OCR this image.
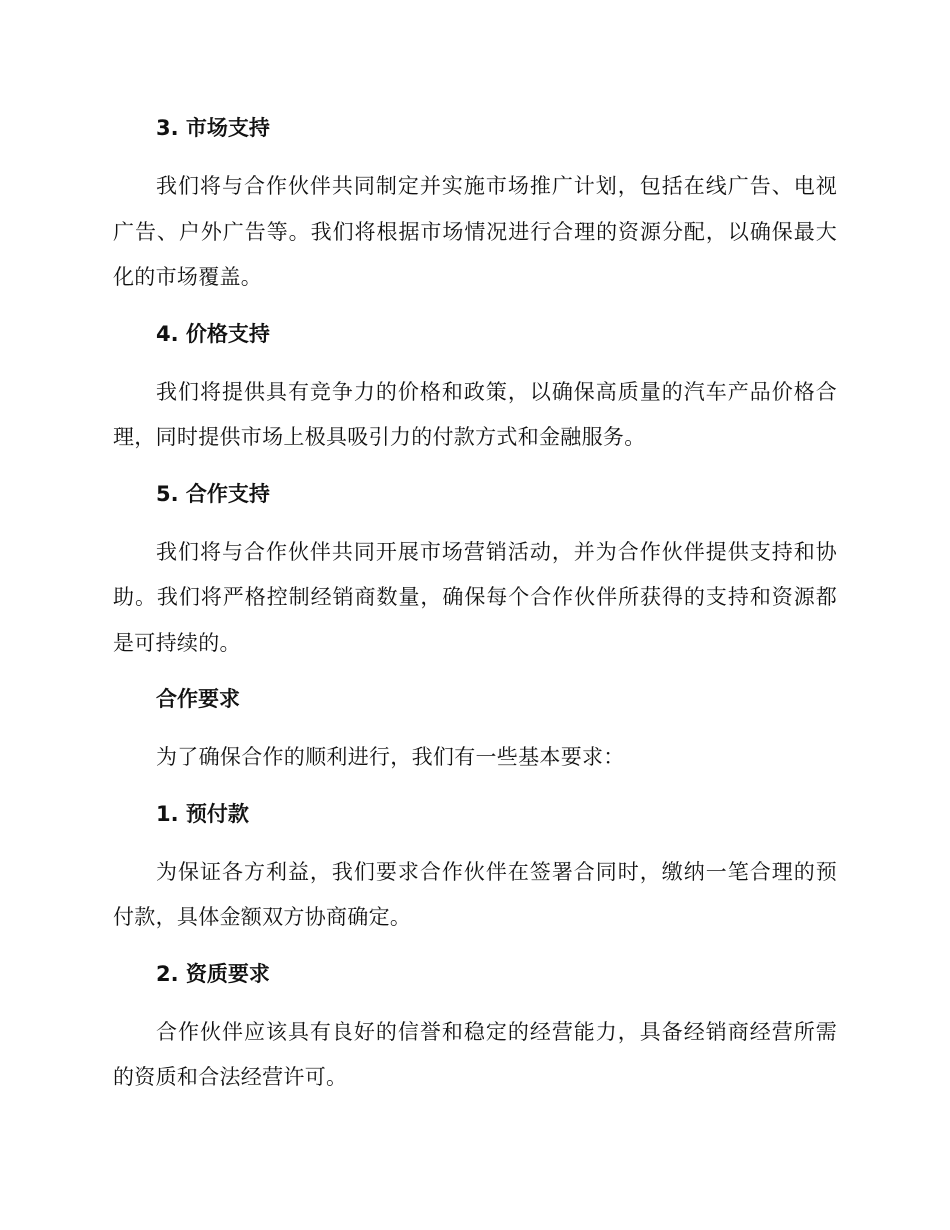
3. 市场支持

我们将与合作伙伴共同制定并实施市场推广计划，包括在线广告、电视广告、户外广告等。我们将根据市场情况进行合理的资源分配，以确保最大化的市场覆盖。

4. 价格支持

我们将提供具有竞争力的价格和政策，以确保高质量的汽车产品价格合理，同时提供市场上极具吸引力的付款方式和金融服务。

5. 合作支持

我们将与合作伙伴共同开展市场营销活动，并为合作伙伴提供支持和协助。我们将严格控制经销商数量，确保每个合作伙伴所获得的支持和资源都是可持续的。

合作要求

为了确保合作的顺利进行，我们有一些基本要求：

1. 预付款

为保证各方利益，我们要求合作伙伴在签署合同时，缴纳一笔合理的预付款，具体金额双方协商确定。

2. 资质要求

合作伙伴应该具有良好的信誉和稳定的经营能力，具备经销商经营所需的资质和合法经营许可。
